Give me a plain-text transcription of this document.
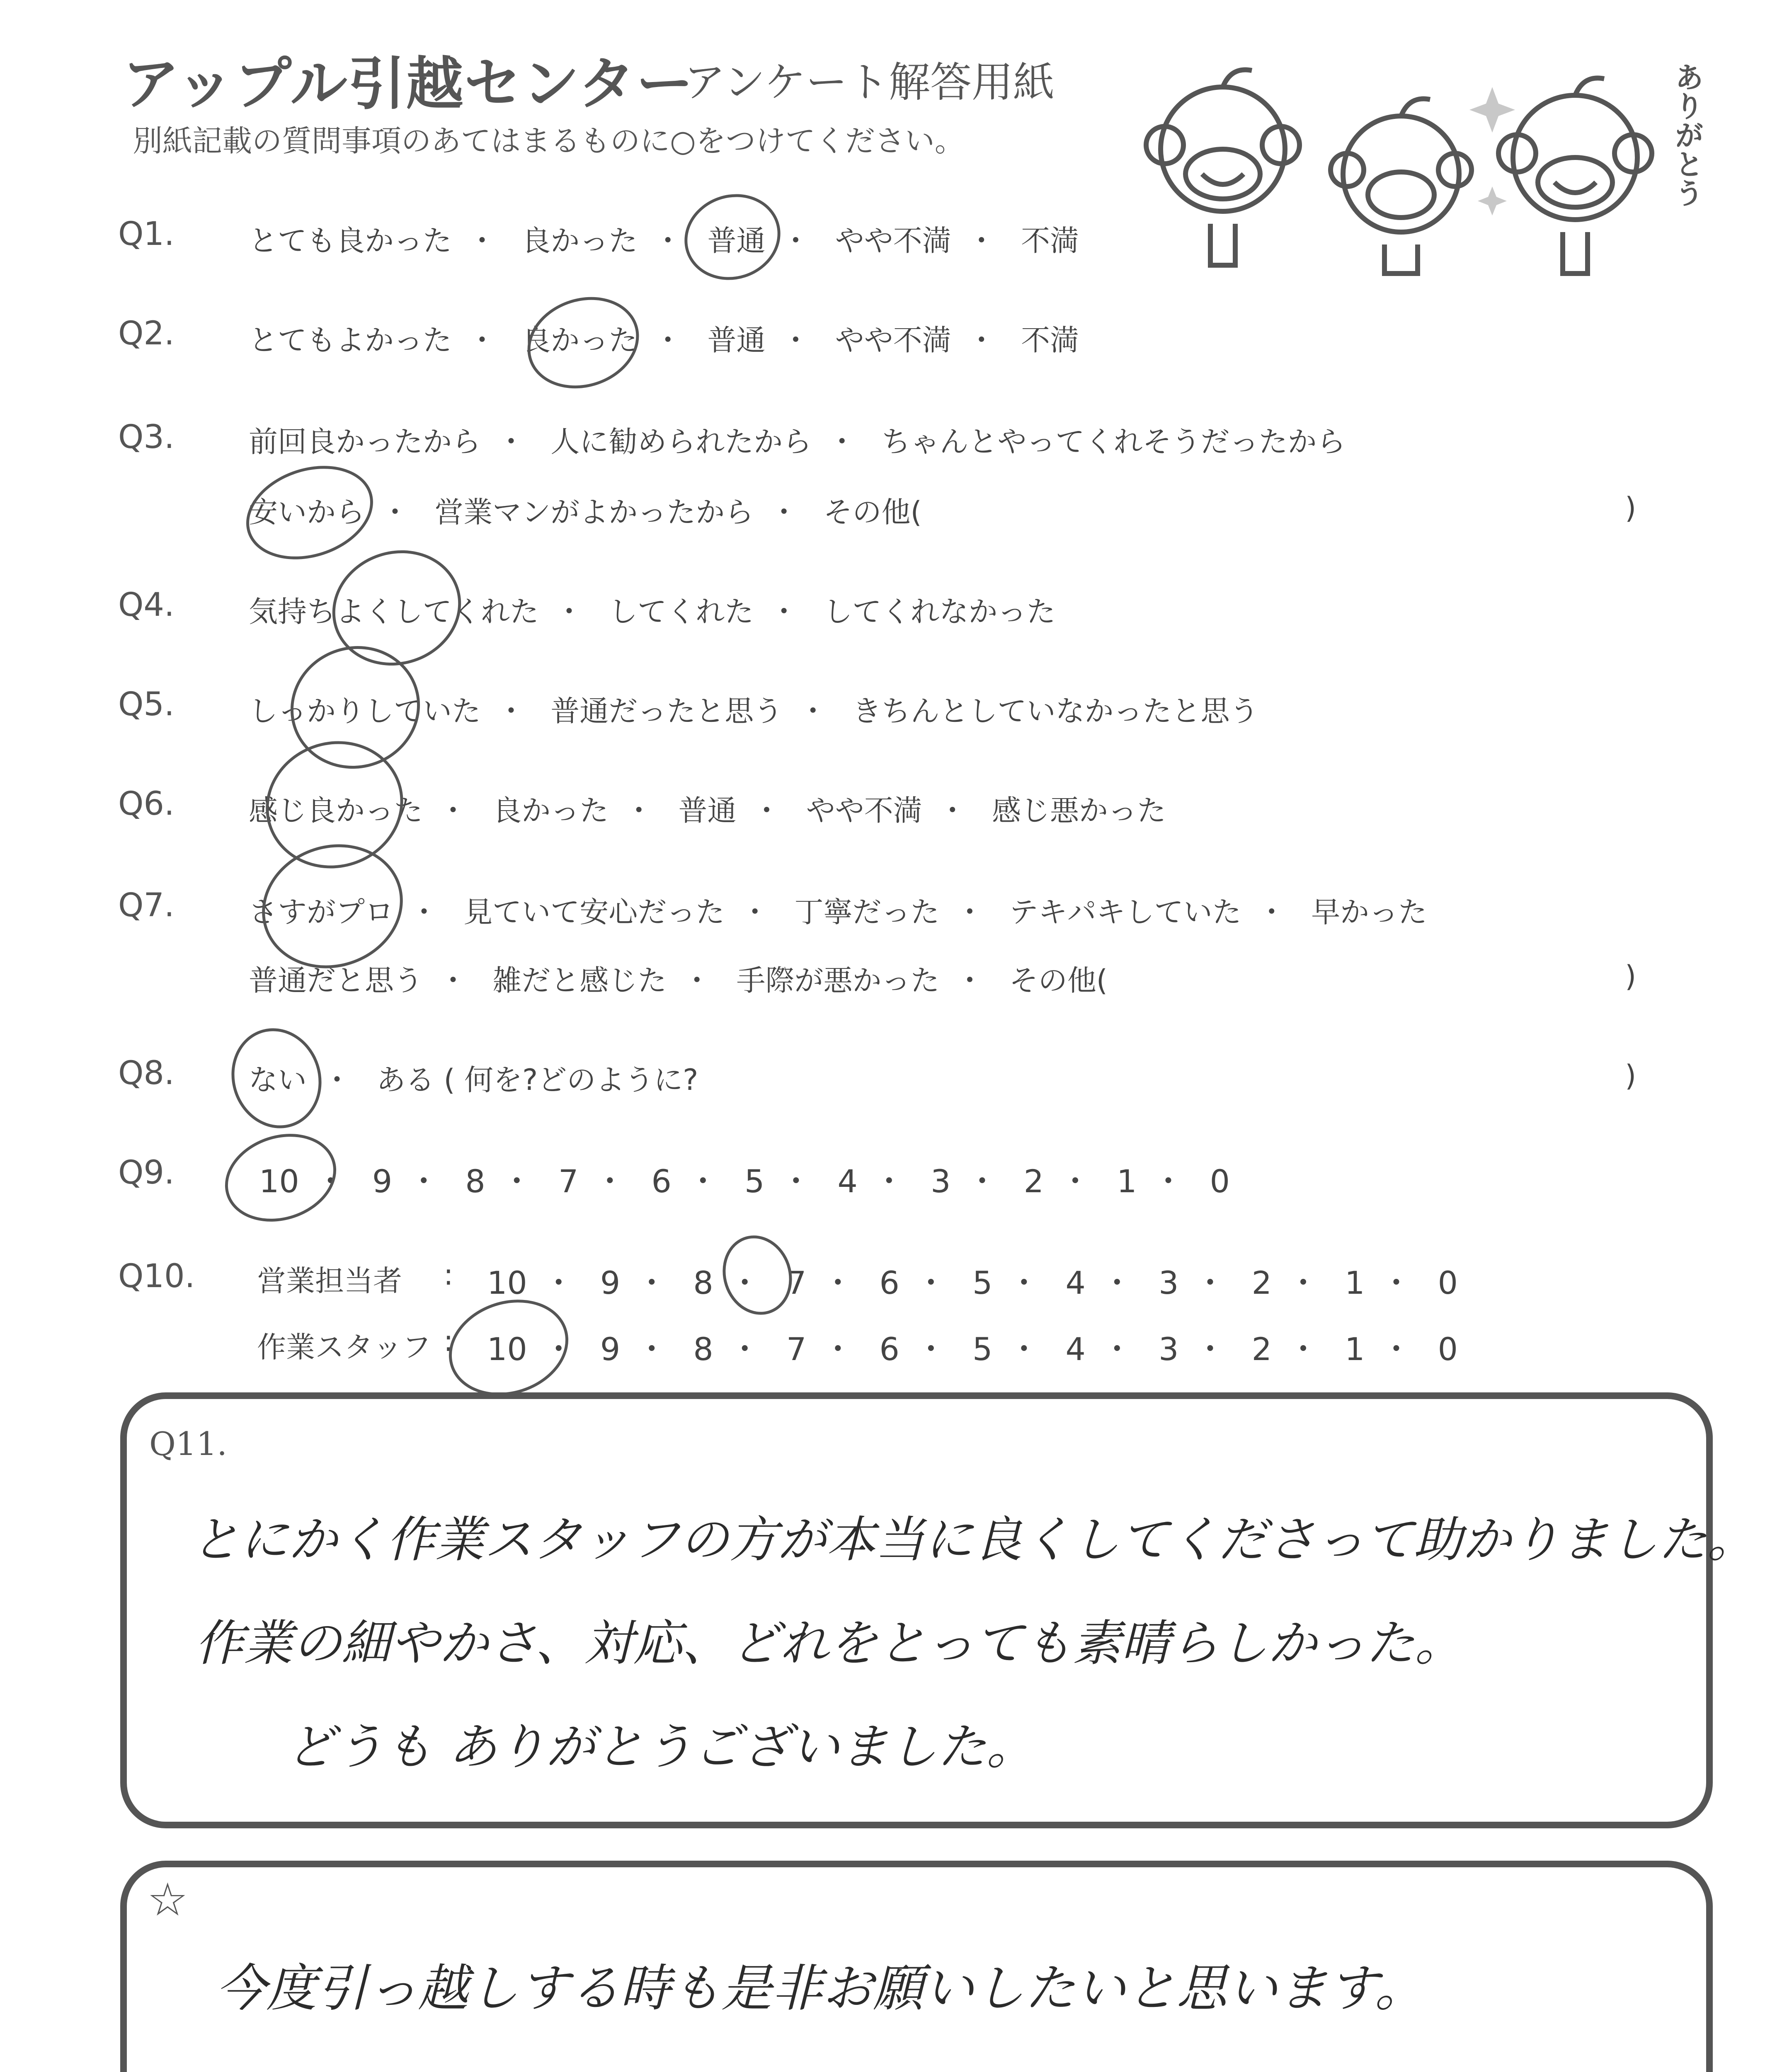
アップル引越センター
アンケート解答用紙
別紙記載の質問事項のあてはまるものに○をつけてください。	ありがとう
Q1.	とても良かった ・ 良かった ・ 普通 ・ やや不満 ・ 不満
Q2.	とてもよかった ・ 良かった ・ 普通 ・ やや不満 ・ 不満
Q3.	前回良かったから ・ 人に勧められたから ・ ちゃんとやってくれそうだったから
安いから ・ 営業マンがよかったから ・ その他(	)
Q4.	気持ちよくしてくれた ・ してくれた ・ してくれなかった
Q5.	しっかりしていた ・ 普通だったと思う ・ きちんとしていなかったと思う
Q6.	感じ良かった ・ 良かった ・ 普通 ・ やや不満 ・ 感じ悪かった
Q7.	さすがプロ ・ 見ていて安心だった ・ 丁寧だった ・ テキパキしていた ・ 早かった
普通だと思う ・ 雑だと感じた ・ 手際が悪かった ・ その他(	)
Q8.	ない ・ ある ( 何を?どのように?	)
Q9.	10 ・ 9 ・ 8 ・ 7 ・ 6 ・ 5 ・ 4 ・ 3 ・ 2 ・ 1 ・ 0
Q10. 営業担当者 : 10 ・ 9 ・ 8 ・ 7 ・ 6 ・ 5 ・ 4 ・ 3 ・ 2 ・ 1 ・ 0
作業スタッフ : 10 ・ 9 ・ 8 ・ 7 ・ 6 ・ 5 ・ 4 ・ 3 ・ 2 ・ 1 ・ 0
Q11.
とにかく作業スタッフの方が本当に良くしてくださって助かりました。
作業の細やかさ、対応、どれをとっても素晴らしかった。
どうも ありがとうございました。
☆
今度引っ越しする時も是非お願いしたいと思います。
